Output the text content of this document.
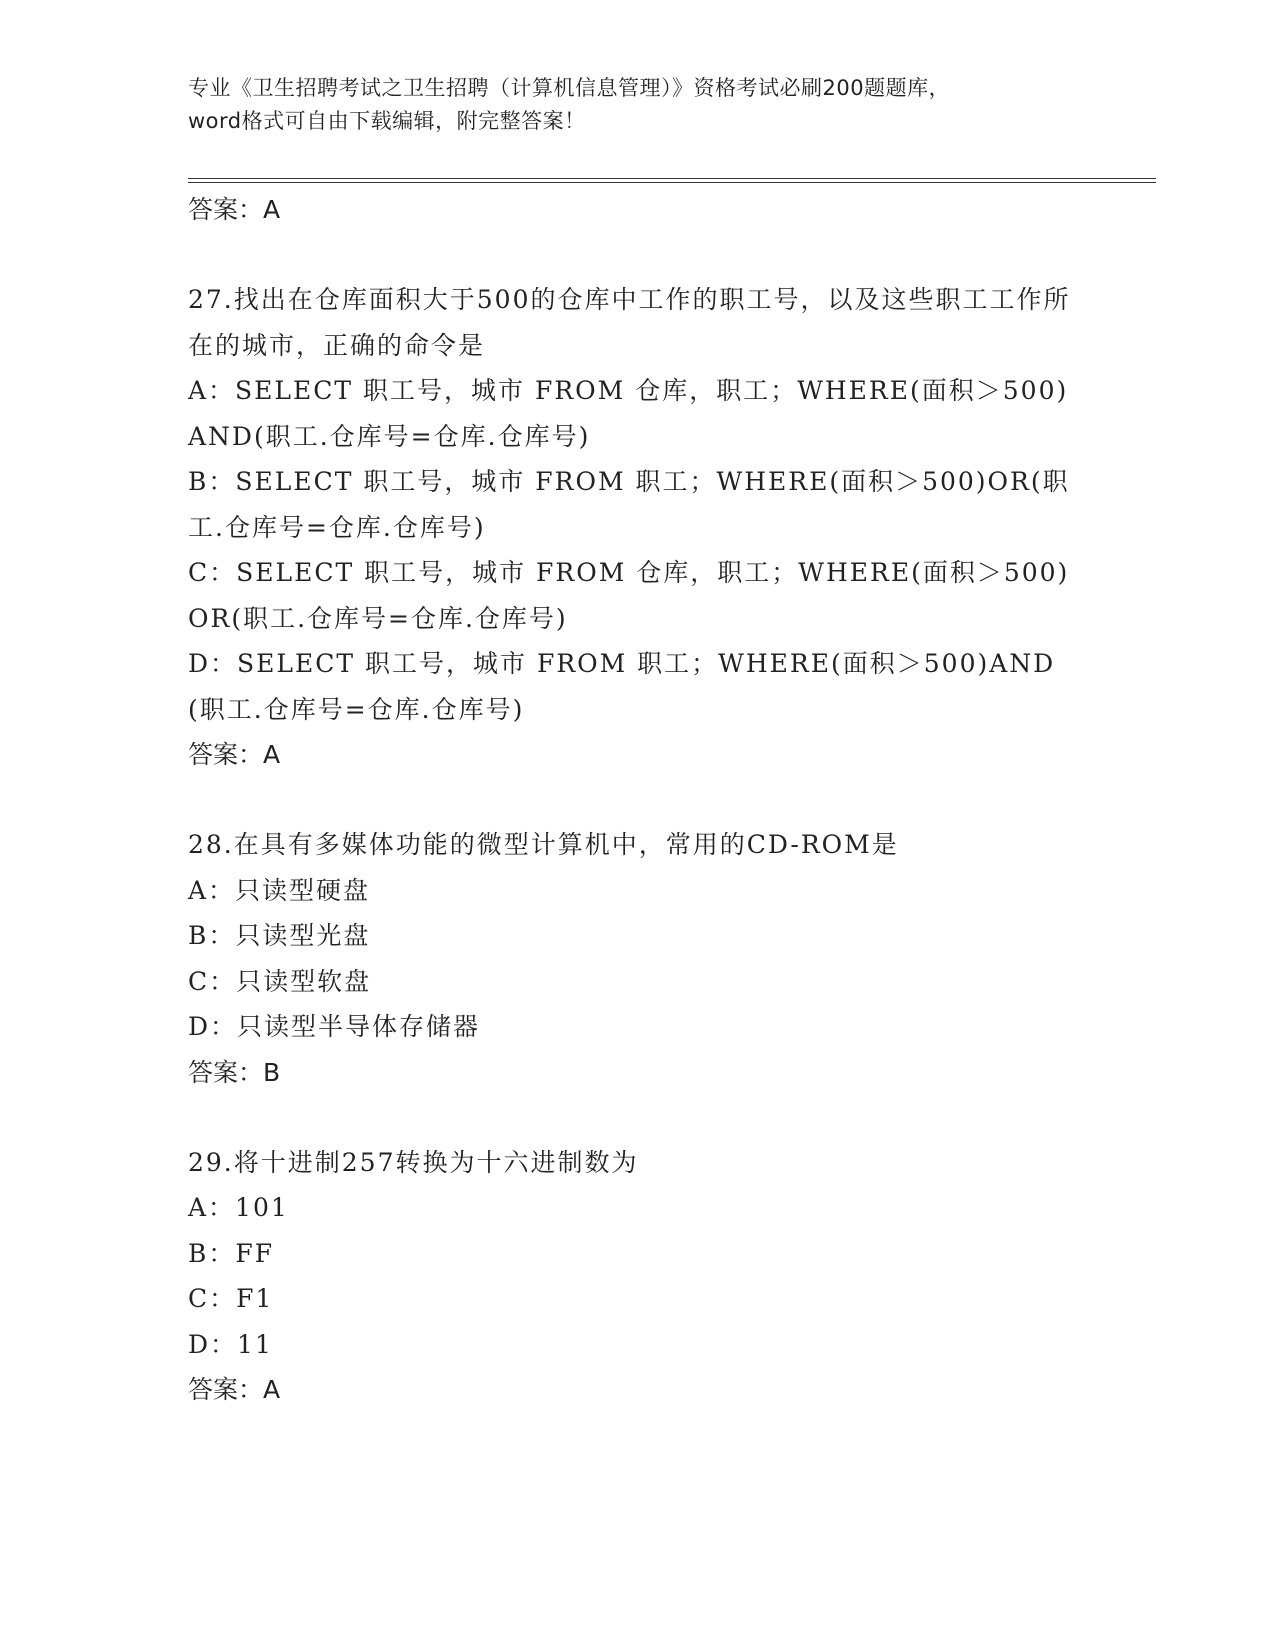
专业《卫生招聘考试之卫生招聘（计算机信息管理）》资格考试必刷200题题库，
word格式可自由下载编辑，附完整答案！
答案：A
27.找出在仓库面积大于500的仓库中工作的职工号，以及这些职工工作所在的城市，正确的命令是
A：SELECT 职工号，城市 FROM 仓库，职工；WHERE(面积＞500)AND(职工.仓库号=仓库.仓库号)
B：SELECT 职工号，城市 FROM 职工；WHERE(面积＞500)OR(职工.仓库号=仓库.仓库号)
C：SELECT 职工号，城市 FROM 仓库，职工；WHERE(面积＞500)OR(职工.仓库号=仓库.仓库号)
D：SELECT 职工号，城市 FROM 职工；WHERE(面积＞500)AND(职工.仓库号=仓库.仓库号)
答案：A
28.在具有多媒体功能的微型计算机中，常用的CD-ROM是
A：只读型硬盘
B：只读型光盘
C：只读型软盘
D：只读型半导体存储器
答案：B
29.将十进制257转换为十六进制数为
A：101
B：FF
C：F1
D：11
答案：A
